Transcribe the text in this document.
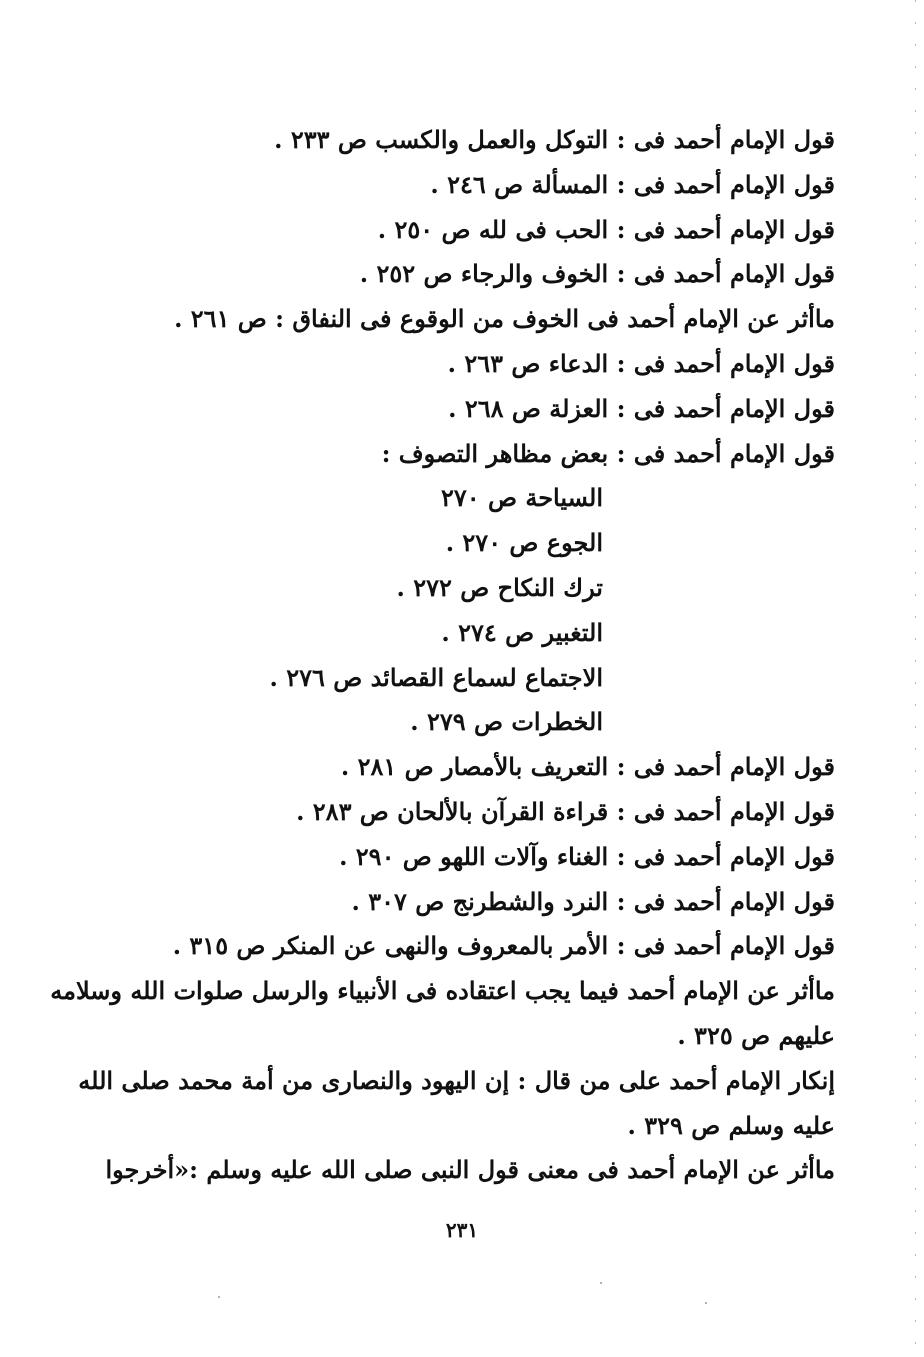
قول الإمام أحمد فى : التوكل والعمل والكسب ص ٢٣٣ .
قول الإمام أحمد فى : المسألة ص ٢٤٦ .
قول الإمام أحمد فى : الحب فى لله ص ٢٥٠ .
قول الإمام أحمد فى : الخوف والرجاء ص ٢٥٢ .
ماأثر عن الإمام أحمد فى الخوف من الوقوع فى النفاق : ص ٢٦١ .
قول الإمام أحمد فى : الدعاء ص ٢٦٣ .
قول الإمام أحمد فى : العزلة ص ٢٦٨ .
قول الإمام أحمد فى : بعض مظاهر التصوف :
السياحة ص ٢٧٠
الجوع ص ٢٧٠ .
ترك النكاح ص ٢٧٢ .
التغبير ص ٢٧٤ .
الاجتماع لسماع القصائد ص ٢٧٦ .
الخطرات ص ٢٧٩ .
قول الإمام أحمد فى : التعريف بالأمصار ص ٢٨١ .
قول الإمام أحمد فى : قراءة القرآن بالألحان ص ٢٨٣ .
قول الإمام أحمد فى : الغناء وآلات اللهو ص ٢٩٠ .
قول الإمام أحمد فى : النرد والشطرنج ص ٣٠٧ .
قول الإمام أحمد فى : الأمر بالمعروف والنهى عن المنكر ص ٣١٥ .
ماأثر عن الإمام أحمد فيما يجب اعتقاده فى الأنبياء والرسل صلوات الله وسلامه
عليهم ص ٣٢٥ .
إنكار الإمام أحمد على من قال : إن اليهود والنصارى من أمة محمد صلى الله
عليه وسلم ص ٣٢٩ .
ماأثر عن الإمام أحمد فى معنى قول النبى صلى الله عليه وسلم :«أخرجوا
٢٣١
